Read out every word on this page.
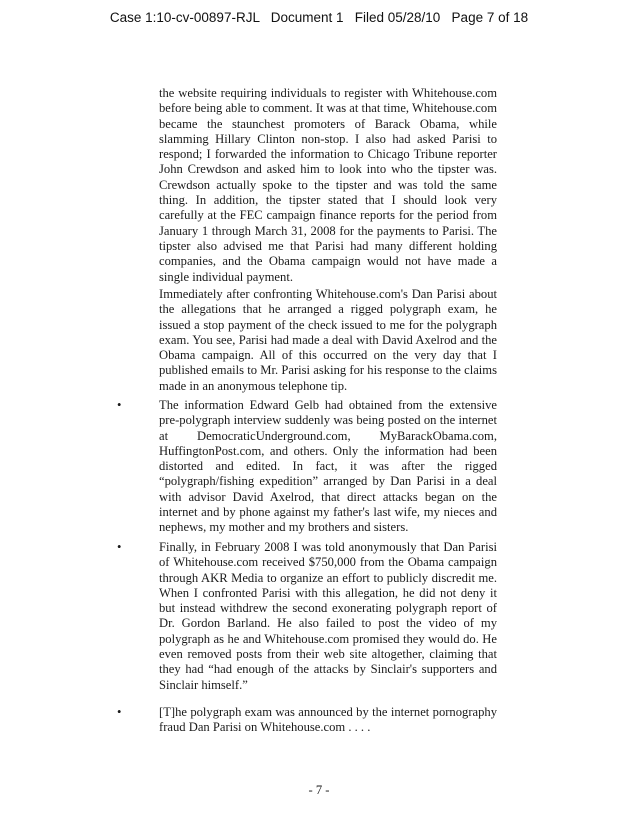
Case 1:10-cv-00897-RJL   Document 1   Filed 05/28/10   Page 7 of 18

the website requiring individuals to register with Whitehouse.com before being able to comment. It was at that time, Whitehouse.com became the staunchest promoters of Barack Obama, while slamming Hillary Clinton non-stop. I also had asked Parisi to respond; I forwarded the information to Chicago Tribune reporter John Crewdson and asked him to look into who the tipster was. Crewdson actually spoke to the tipster and was told the same thing. In addition, the tipster stated that I should look very carefully at the FEC campaign finance reports for the period from January 1 through March 31, 2008 for the payments to Parisi. The tipster also advised me that Parisi had many different holding companies, and the Obama campaign would not have made a single individual payment.

Immediately after confronting Whitehouse.com's Dan Parisi about the allegations that he arranged a rigged polygraph exam, he issued a stop payment of the check issued to me for the polygraph exam. You see, Parisi had made a deal with David Axelrod and the Obama campaign. All of this occurred on the very day that I published emails to Mr. Parisi asking for his response to the claims made in an anonymous telephone tip.

•	The information Edward Gelb had obtained from the extensive pre-polygraph interview suddenly was being posted on the internet at DemocraticUnderground.com, MyBarackObama.com, HuffingtonPost.com, and others. Only the information had been distorted and edited. In fact, it was after the rigged “polygraph/fishing expedition” arranged by Dan Parisi in a deal with advisor David Axelrod, that direct attacks began on the internet and by phone against my father's last wife, my nieces and nephews, my mother and my brothers and sisters.

•	Finally, in February 2008 I was told anonymously that Dan Parisi of Whitehouse.com received $750,000 from the Obama campaign through AKR Media to organize an effort to publicly discredit me. When I confronted Parisi with this allegation, he did not deny it but instead withdrew the second exonerating polygraph report of Dr. Gordon Barland. He also failed to post the video of my polygraph as he and Whitehouse.com promised they would do. He even removed posts from their web site altogether, claiming that they had “had enough of the attacks by Sinclair's supporters and Sinclair himself.”

•	[T]he polygraph exam was announced by the internet pornography fraud Dan Parisi on Whitehouse.com . . . .

- 7 -
